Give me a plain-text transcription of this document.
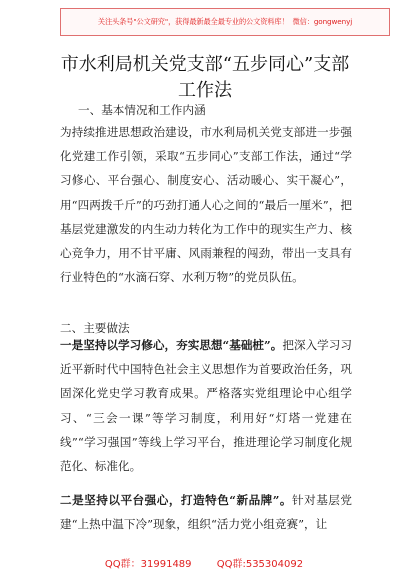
关注头条号"公文研究"，获得最新最全最专业的公文资料库！ 微信：gongwenyj
市水利局机关党支部“五步同心”支部工作法
一、基本情况和工作内涵
为持续推进思想政治建设，市水利局机关党支部进一步强化党建工作引领，采取“五步同心”支部工作法，通过“学习修心、平台强心、制度安心、活动暖心、实干凝心”，用“四两拨千斤”的巧劲打通人心之间的“最后一厘米”，把基层党建激发的内生动力转化为工作中的现实生产力、核心竞争力，用不甘平庸、风雨兼程的闯劲，带出一支具有行业特色的“水滴石穿、水利万物”的党员队伍。
二、主要做法
一是坚持以学习修心，夯实思想“基础桩”。把深入学习习近平新时代中国特色社会主义思想作为首要政治任务，巩固深化党史学习教育成果。严格落实党组理论中心组学习、“三会一课”等学习制度，利用好“灯塔一党建在线”“学习强国”等线上学习平台，推进理论学习制度化规范化、标准化。
二是坚持以平台强心，打造特色“新品牌”。针对基层党建“上热中温下冷”现象，组织“活力党小组竞赛”，让
QQ群：31991489	QQ群:535304092
